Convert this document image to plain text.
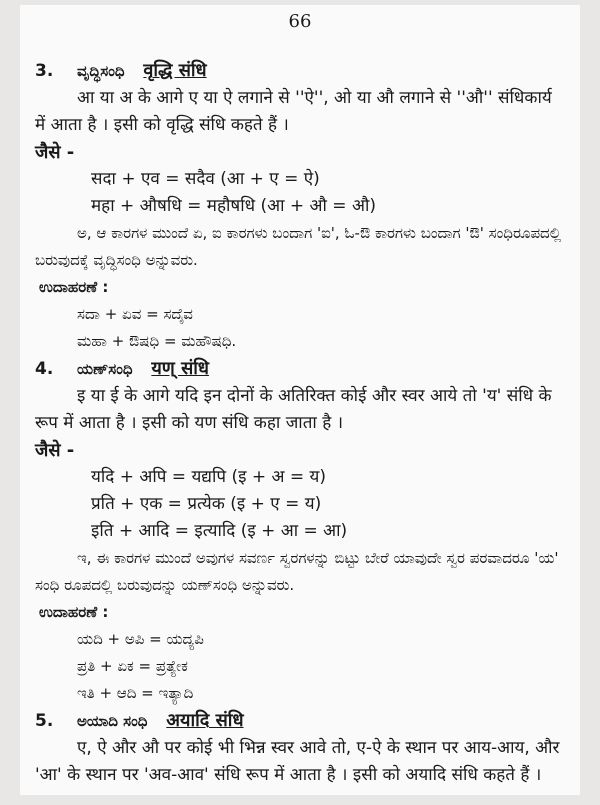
66
3.	ವೃದ್ಧಿಸಂಧಿ वृद्धि संधि

आ या अ के आगे ए या ऐ लगाने से ''ऐ'', ओ या औ लगाने से ''औ'' संधिकार्य में आता है । इसी को वृद्धि संधि कहते हैं ।

जैसे -
सदा + एव = सदैव (आ + ए = ऐ)
महा + औषधि = महौषधि (आ + औ = औ)

ಅ, ಆ ಕಾರಗಳ ಮುಂದೆ ಏ, ಐ ಕಾರಗಳು ಬಂದಾಗ 'ಐ', ಓ-ಔ ಕಾರಗಳು ಬಂದಾಗ 'ಔ' ಸಂಧಿರೂಪದಲ್ಲಿ ಬರುವುದಕ್ಕೆ ವೃದ್ಧಿಸಂಧಿ ಅನ್ನುವರು.

ಉದಾಹರಣೆ :
ಸದಾ + ಏವ = ಸದೈವ
ಮಹಾ + ಔಷಧಿ = ಮಹೌಷಧಿ.
4.	ಯಣ್‌ಸಂಧಿ यण् संधि

इ या ई के आगे यदि इन दोनों के अतिरिक्त कोई और स्वर आये तो 'य' संधि के रूप में आता है । इसी को यण संधि कहा जाता है ।

जैसे -
यदि + अपि = यद्यपि (इ + अ = य)
प्रति + एक = प्रत्येक (इ + ए = य)
इति + आदि = इत्यादि (इ + आ = आ)

ಇ, ಈ ಕಾರಗಳ ಮುಂದೆ ಅವುಗಳ ಸವರ್ಣ ಸ್ವರಗಳನ್ನು ಬಿಟ್ಟು ಬೇರೆ ಯಾವುದೇ ಸ್ವರ ಪರವಾದರೂ 'ಯ' ಸಂಧಿ ರೂಪದಲ್ಲಿ ಬರುವುದನ್ನು ಯಣ್‌ಸಂಧಿ ಅನ್ನುವರು.

ಉದಾಹರಣೆ :
ಯದಿ + ಅಪಿ = ಯದ್ಯಪಿ
ಪ್ರತಿ + ಏಕ = ಪ್ರತ್ಯೇಕ
ಇತಿ + ಆದಿ = ಇತ್ಯಾದಿ
5.	ಅಯಾದಿ ಸಂಧಿ अयादि संधि

ए, ऐ और औ पर कोई भी भिन्न स्वर आवे तो, ए-ऐ के स्थान पर आय-आय, और 'आ' के स्थान पर 'अव-आव' संधि रूप में आता है । इसी को अयादि संधि कहते हैं ।
